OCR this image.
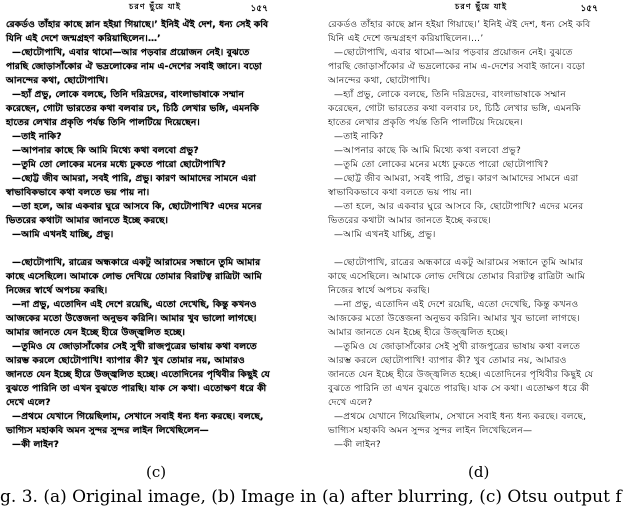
চরণ ছুঁয়ে যাই	১৫৭
রেকর্ডও তাঁহার কাছে ম্লান হইয়া গিয়াছে।’ ইনিই ঐই দেশ, ধন্য সেই কবি
যিনি এই দেশে জন্মগ্রহণ করিয়াছিলেন।…’
—ছোটোপাখি, এবার থামো—আর পড়বার প্রয়োজন নেই। বুঝতে
পারছি জোড়াসাঁকোর ঐ ভদ্রলোকের নাম এ-দেশের সবাই জানে। বড়ো
আনন্দের কথা, ছোটোপাখি।
—হ্যাঁ প্রভু, লোকে বলছে, তিনি দরিদ্রদের, বাংলাভাষাকে সম্মান
করেছেন, গোটা ভারতের কথা বলবার ঢং, চিঠি লেখার ভঙ্গি, এমনকি
হাতের লেখার প্রকৃতি পর্যন্ত তিনি পালটিয়ে দিয়েছেন।
—তাই নাকি?
—আপনার কাছে কি আমি মিথ্যে কথা বলবো প্রভু?
—তুমি তো লোকের মনের মধ্যে ঢুকতে পারো ছোটোপাখি?
—ছোট্ট জীব আমরা, সবই পারি, প্রভু। কারণ আমাদের সামনে এরা
স্বাভাবিকভাবে কথা বলতে ভয় পায় না।
—তা হলে, আর একবার ঘুরে আসবে কি, ছোটোপাখি? এদের মনের
ভিতরের কথাটা আমার জানতে ইচ্ছে করছে।
—আমি এখনই যাচ্ছি, প্রভু।
—ছোটোপাখি, রাত্রের অন্ধকারে একটু আরামের সন্ধানে তুমি আমার
কাছে এসেছিলে। আমাকে লোভ দেখিয়ে তোমার বিরাটত্ব রাত্রিটা আমি
নিজের স্বার্থে অপচয় করছি।
—না প্রভু, এতোদিন এই দেশে রয়েছি, এতো দেখেছি, কিন্তু কখনও
আজকের মতো উত্তেজনা অনুভব করিনি। আমার খুব ভালো লাগছে।
আমার জানতে যেন ইচ্ছে হীরে উজ্জ্বলিত হচ্ছে।
—তুমিও যে জোড়াসাঁকোর সেই সুখী রাজপুত্রের ভাষায় কথা বলতে
আরম্ভ করলে ছোটোপাখি! ব্যাপার কী? খুব তোমার নয়, আমারও
জানতে যেন ইচ্ছে হীরে উজ্জ্বলিত হচ্ছে। এতোদিনের পৃথিবীর কিছুই যে
বুঝতে পারিনি তা এখন বুঝতে পারছি। যাক সে কথা। এতোক্ষণ ধরে কী
দেখে এলে?
—প্রথমে যেখানে গিয়েছিলাম, সেখানে সবাই ধন্য ধন্য করছে। বলছে,
ভাগ্যিস মহাকবি অমন সুন্দর সুন্দর লাইন লিখেছিলেন—
—কী লাইন?
চরণ ছুঁয়ে যাই	১৫৭
রেকর্ডও তাঁহার কাছে ম্লান হইয়া গিয়াছে।’ ইনিই ঐই দেশ, ধন্য সেই কবি
যিনি এই দেশে জন্মগ্রহণ করিয়াছিলেন।…’
—ছোটোপাখি, এবার থামো—আর পড়বার প্রয়োজন নেই। বুঝতে
পারছি জোড়াসাঁকোর ঐ ভদ্রলোকের নাম এ-দেশের সবাই জানে। বড়ো
আনন্দের কথা, ছোটোপাখি।
—হ্যাঁ প্রভু, লোকে বলছে, তিনি দরিদ্রদের, বাংলাভাষাকে সম্মান
করেছেন, গোটা ভারতের কথা বলবার ঢং, চিঠি লেখার ভঙ্গি, এমনকি
হাতের লেখার প্রকৃতি পর্যন্ত তিনি পালটিয়ে দিয়েছেন।
—তাই নাকি?
—আপনার কাছে কি আমি মিথ্যে কথা বলবো প্রভু?
—তুমি তো লোকের মনের মধ্যে ঢুকতে পারো ছোটোপাখি?
—ছোট্ট জীব আমরা, সবই পারি, প্রভু। কারণ আমাদের সামনে এরা
স্বাভাবিকভাবে কথা বলতে ভয় পায় না।
—তা হলে, আর একবার ঘুরে আসবে কি, ছোটোপাখি? এদের মনের
ভিতরের কথাটা আমার জানতে ইচ্ছে করছে।
—আমি এখনই যাচ্ছি, প্রভু।
—ছোটোপাখি, রাত্রের অন্ধকারে একটু আরামের সন্ধানে তুমি আমার
কাছে এসেছিলে। আমাকে লোভ দেখিয়ে তোমার বিরাটত্ব রাত্রিটা আমি
নিজের স্বার্থে অপচয় করছি।
—না প্রভু, এতোদিন এই দেশে রয়েছি, এতো দেখেছি, কিন্তু কখনও
আজকের মতো উত্তেজনা অনুভব করিনি। আমার খুব ভালো লাগছে।
আমার জানতে যেন ইচ্ছে হীরে উজ্জ্বলিত হচ্ছে।
—তুমিও যে জোড়াসাঁকোর সেই সুখী রাজপুত্রের ভাষায় কথা বলতে
আরম্ভ করলে ছোটোপাখি! ব্যাপার কী? খুব তোমার নয়, আমারও
জানতে যেন ইচ্ছে হীরে উজ্জ্বলিত হচ্ছে। এতোদিনের পৃথিবীর কিছুই যে
বুঝতে পারিনি তা এখন বুঝতে পারছি। যাক সে কথা। এতোক্ষণ ধরে কী
দেখে এলে?
—প্রথমে যেখানে গিয়েছিলাম, সেখানে সবাই ধন্য ধন্য করছে। বলছে,
ভাগ্যিস মহাকবি অমন সুন্দর সুন্দর লাইন লিখেছিলেন—
—কী লাইন?
(c)	(d)
g. 3. (a) Original image, (b) Image in (a) after blurring, (c) Otsu output f
